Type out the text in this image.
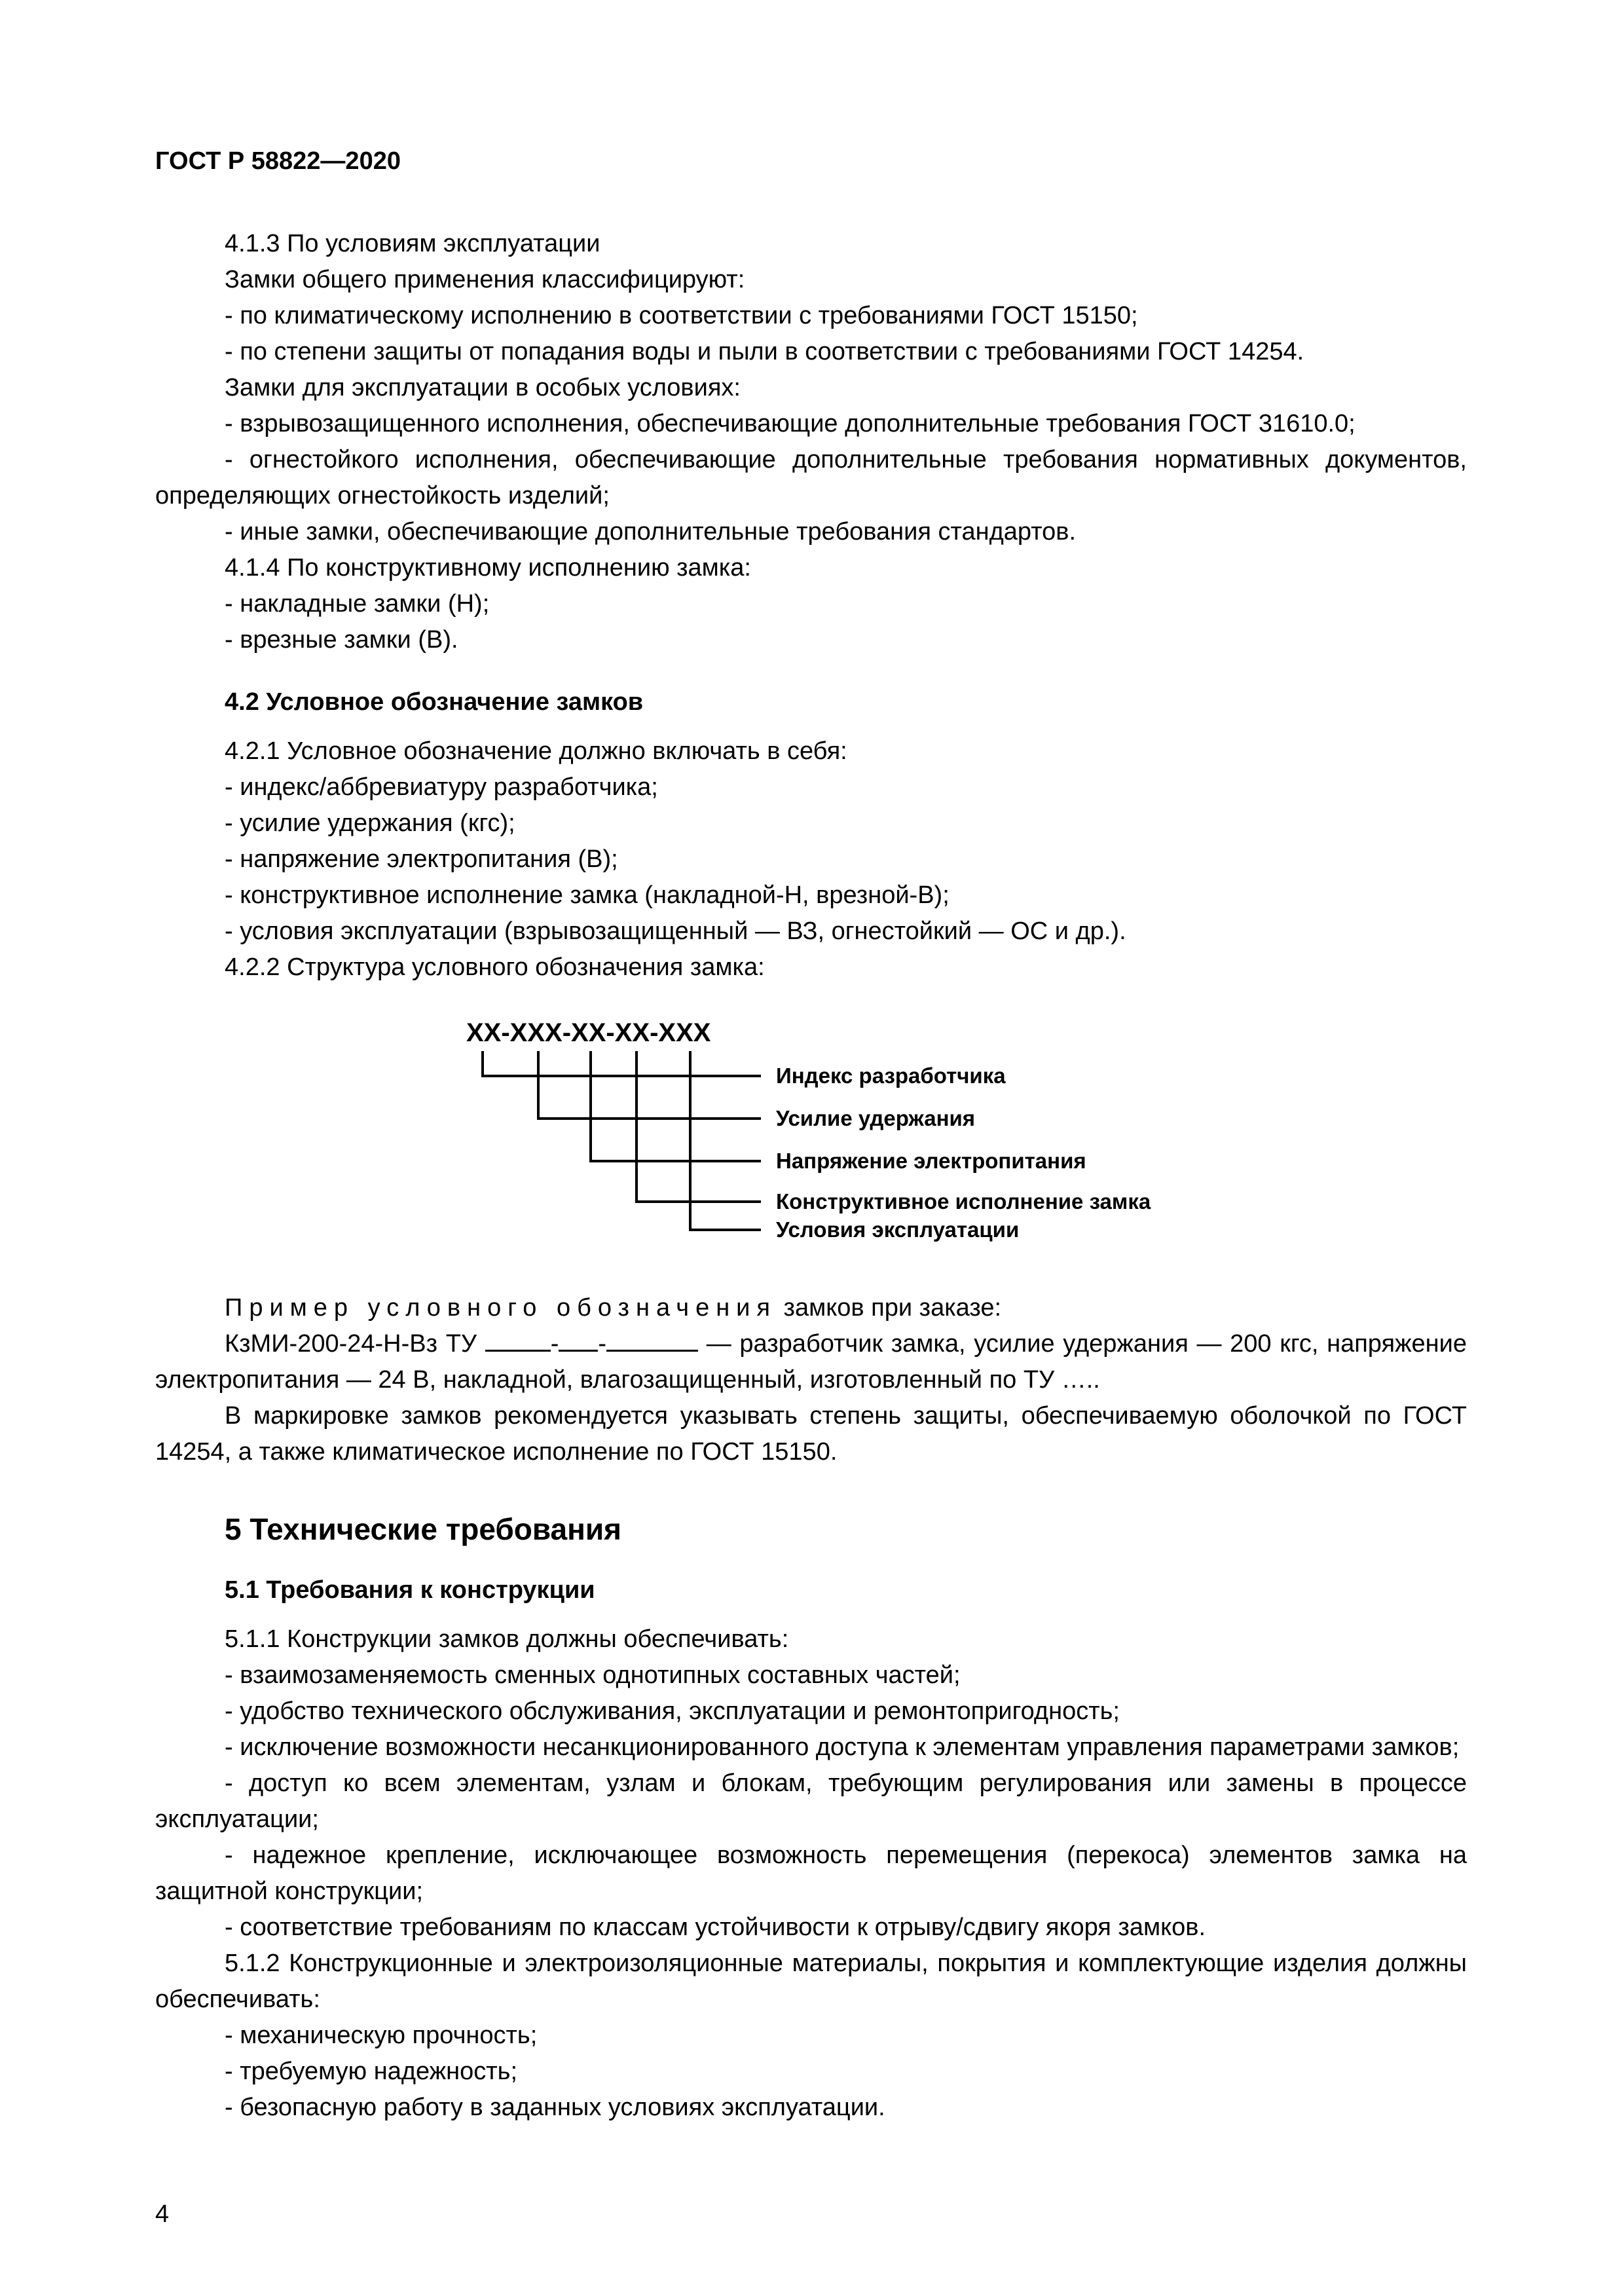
ГОСТ Р 58822—2020

4.1.3 По условиям эксплуатации

Замки общего применения классифицируют:

- по климатическому исполнению в соответствии с требованиями ГОСТ 15150;

- по степени защиты от попадания воды и пыли в соответствии с требованиями ГОСТ 14254.

Замки для эксплуатации в особых условиях:

- взрывозащищенного исполнения, обеспечивающие дополнительные требования ГОСТ 31610.0;

- огнестойкого исполнения, обеспечивающие дополнительные требования нормативных документов, определяющих огнестойкость изделий;

- иные замки, обеспечивающие дополнительные требования стандартов.

4.1.4 По конструктивному исполнению замка:

- накладные замки (Н);

- врезные замки (В).

4.2 Условное обозначение замков

4.2.1 Условное обозначение должно включать в себя:

- индекс/аббревиатуру разработчика;

- усилие удержания (кгс);

- напряжение электропитания (В);

- конструктивное исполнение замка (накладной-Н, врезной-В);

- условия эксплуатации (взрывозащищенный — ВЗ, огнестойкий — ОС и др.).

4.2.2 Структура условного обозначения замка:

XX-XXX-XX-XX-XXX
Индекс разработчика
Усилие удержания
Напряжение электропитания
Конструктивное исполнение замка
Условия эксплуатации

Пример условного обозначения замков при заказе:

КзМИ-200-24-Н-Вз ТУ	- -	— разработчик замка, усилие удержания — 200 кгс, напряжение электропитания — 24 В, накладной, влагозащищенный, изготовленный по ТУ …..

В маркировке замков рекомендуется указывать степень защиты, обеспечиваемую оболочкой по ГОСТ 14254, а также климатическое исполнение по ГОСТ 15150.

5 Технические требования

5.1 Требования к конструкции

5.1.1 Конструкции замков должны обеспечивать:

- взаимозаменяемость сменных однотипных составных частей;

- удобство технического обслуживания, эксплуатации и ремонтопригодность;

- исключение возможности несанкционированного доступа к элементам управления параметрами замков;

- доступ ко всем элементам, узлам и блокам, требующим регулирования или замены в процессе эксплуатации;

- надежное крепление, исключающее возможность перемещения (перекоса) элементов замка на защитной конструкции;

- соответствие требованиям по классам устойчивости к отрыву/сдвигу якоря замков.

5.1.2 Конструкционные и электроизоляционные материалы, покрытия и комплектующие изделия должны обеспечивать:

- механическую прочность;

- требуемую надежность;

- безопасную работу в заданных условиях эксплуатации.

4
